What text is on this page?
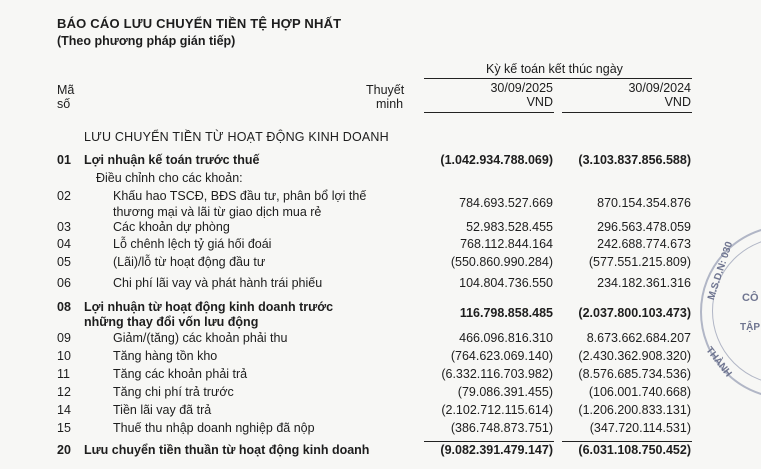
BÁO CÁO LƯU CHUYỂN TIỀN TỆ HỢP NHẤT
(Theo phương pháp gián tiếp)
Mã
số
Thuyết
minh
Kỳ kế toán kết thúc ngày
30/09/2025
VND
30/09/2024
VND
LƯU CHUYỂN TIỀN TỪ HOẠT ĐỘNG KINH DOANH
01 Lợi nhuận kế toán trước thuế	(1.042.934.788.069) (3.103.837.856.588)
Điều chỉnh cho các khoản:
02	Khấu hao TSCĐ, BĐS đầu tư, phân bổ lợi thế
thương mại và lãi từ giao dịch mua rẻ
784.693.527.669	870.154.354.876
03	Các khoản dự phòng	52.983.528.455	296.563.478.059
04	Lỗ chênh lệch tỷ giá hối đoái	768.112.844.164	242.688.774.673
05	(Lãi)/lỗ từ hoạt động đầu tư	(550.860.990.284)	(577.551.215.809)
06	Chi phí lãi vay và phát hành trái phiếu	104.804.736.550	234.182.361.316
08 Lợi nhuận từ hoạt động kinh doanh trước	116.798.858.485 (2.037.800.103.473)
những thay đổi vốn lưu động
09	Giảm/(tăng) các khoản phải thu	466.096.816.310	8.673.662.684.207
10	Tăng hàng tồn kho	(764.623.069.140) (2.430.362.908.320)
11	Tăng các khoản phải trả	(6.332.116.703.982) (8.576.685.734.536)
12	Tăng chi phí trả trước	(79.086.391.455)	(106.001.740.668)
14	Tiền lãi vay đã trả	(2.102.712.115.614) (1.206.200.833.131)
15	Thuế thu nhập doanh nghiệp đã nộp	(386.748.873.751)	(347.720.114.531)
20 Lưu chuyển tiền thuần từ hoạt động kinh doanh	(9.082.391.479.147) (6.031.108.750.452)
M.S.D.N: 030 CÔ
TẬP
THÀNH
